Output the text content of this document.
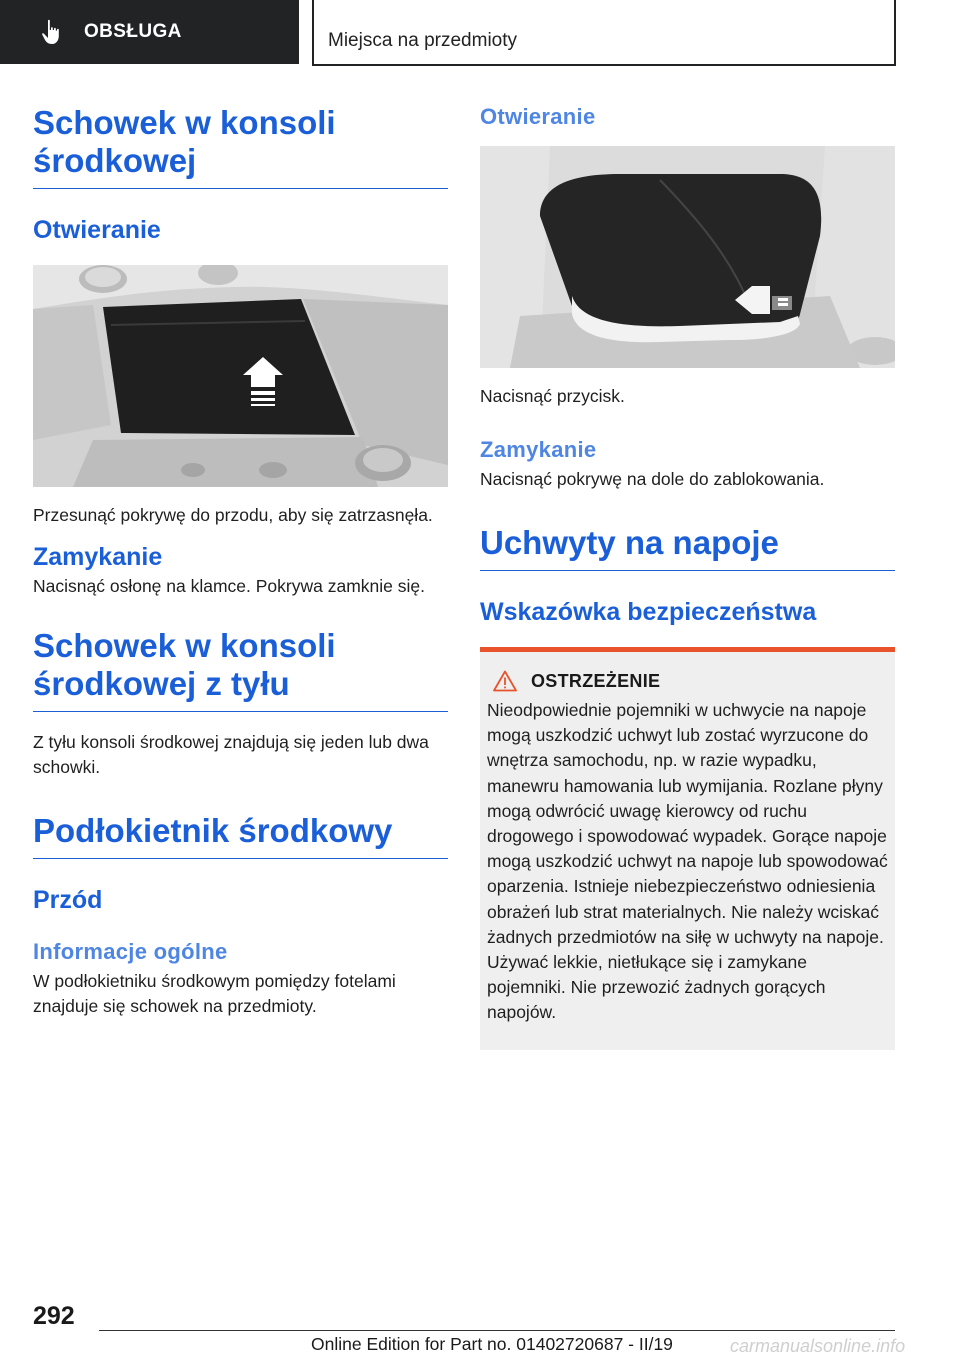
OBSŁUGA	Miejsca na przedmioty
Schowek w konsoli środkowej
Otwieranie
Przesunąć pokrywę do przodu, aby się zatrzasnęła.
Zamykanie
Nacisnąć osłonę na klamce. Pokrywa zamknie się.
Schowek w konsoli środkowej z tyłu
Z tyłu konsoli środkowej znajdują się jeden lub dwa schowki.
Podłokietnik środkowy
Przód
Informacje ogólne
W podłokietniku środkowym pomiędzy fotelami znajduje się schowek na przedmioty.
Otwieranie
Nacisnąć przycisk.
Zamykanie
Nacisnąć pokrywę na dole do zablokowania.
Uchwyty na napoje
Wskazówka bezpieczeństwa
OSTRZEŻENIE
Nieodpowiednie pojemniki w uchwycie na napoje mogą uszkodzić uchwyt lub zostać wyrzucone do wnętrza samochodu, np. w razie wypadku, manewru hamowania lub wymijania. Rozlane płyny mogą odwrócić uwagę kierowcy od ruchu drogowego i spowodować wypadek. Gorące napoje mogą uszkodzić uchwyt na napoje lub spowodować oparzenia. Istnieje niebezpieczeństwo odniesienia obrażeń lub strat materialnych. Nie należy wciskać żadnych przedmiotów na siłę w uchwyty na napoje. Używać lekkie, nietłukące się i zamykane pojemniki. Nie przewozić żadnych gorących napojów.
292
Online Edition for Part no. 01402720687 - II/19	carmanualsonline.info
